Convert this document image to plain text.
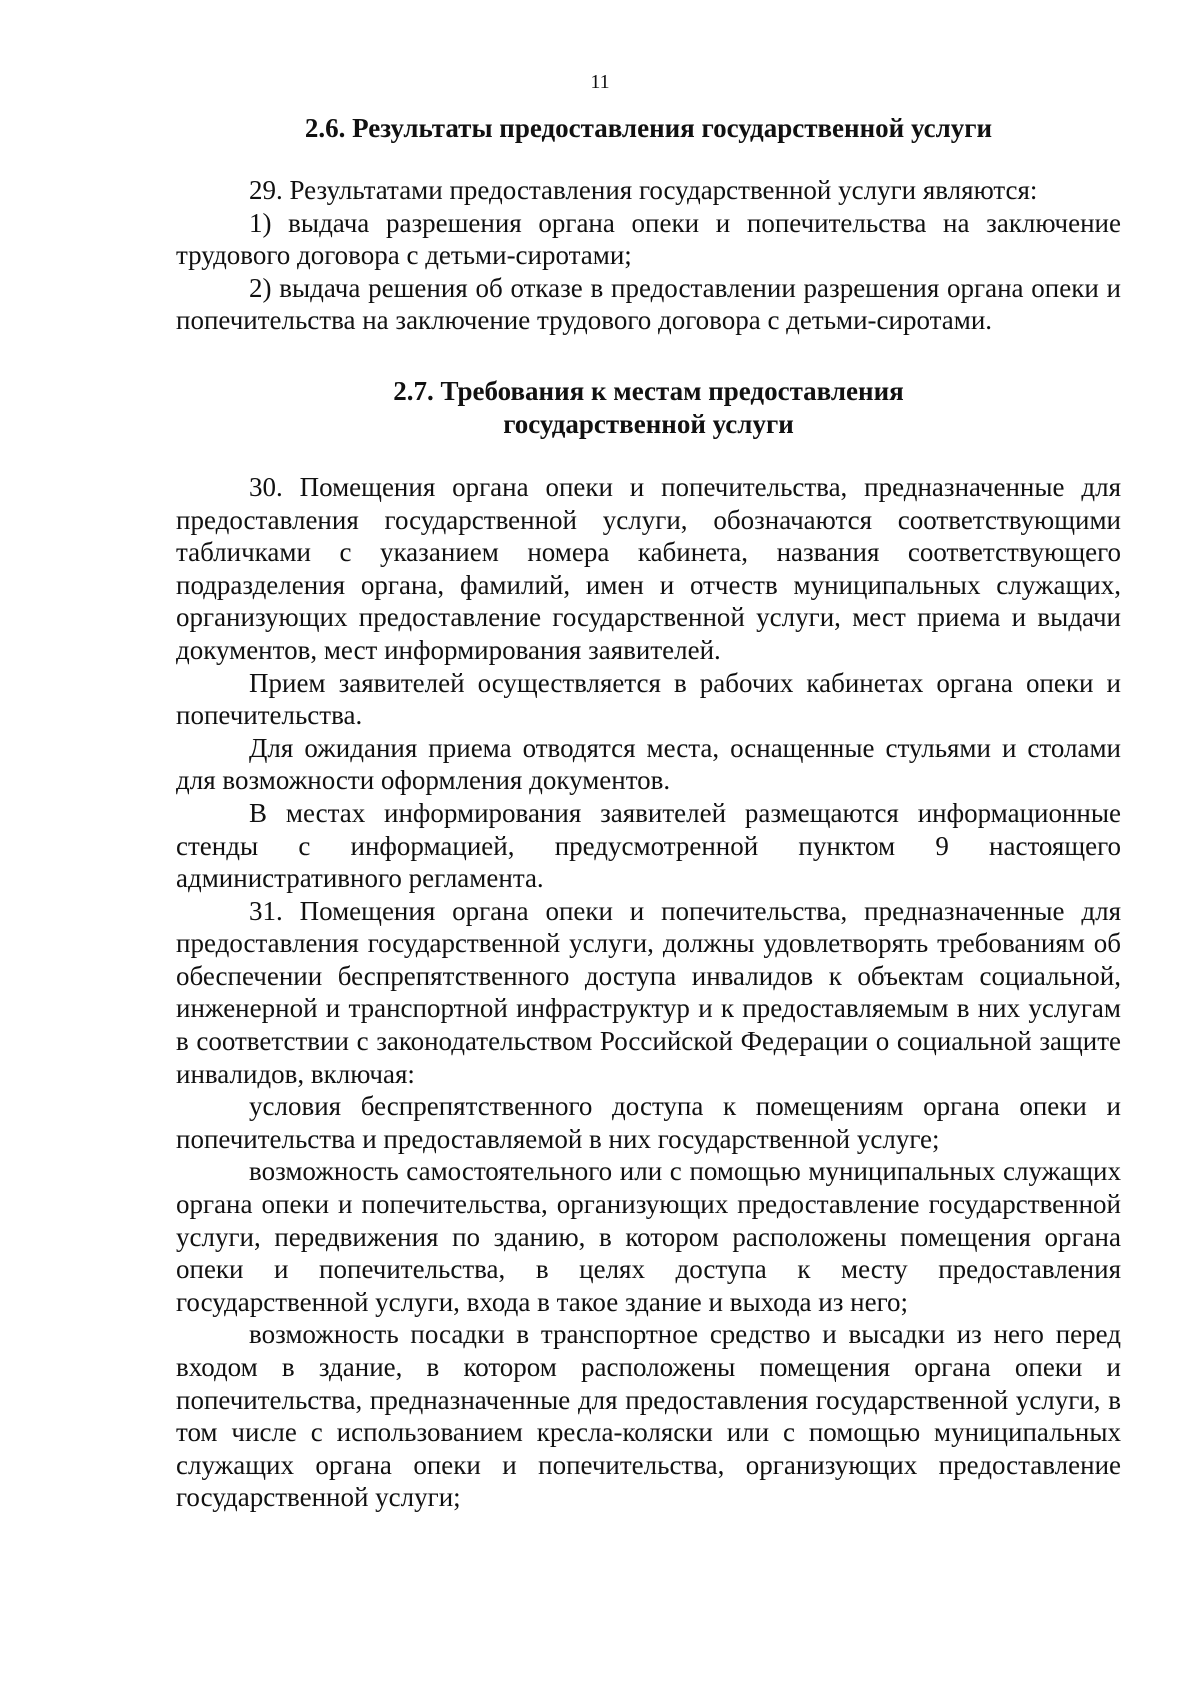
11
2.6. Результаты предоставления государственной услуги

29. Результатами предоставления государственной услуги являются:

1) выдача разрешения органа опеки и попечительства на заключение трудового договора с детьми-сиротами;

2) выдача решения об отказе в предоставлении разрешения органа опеки и попечительства на заключение трудового договора с детьми-сиротами.

2.7. Требования к местам предоставления
государственной услуги

30. Помещения органа опеки и попечительства, предназначенные для предоставления государственной услуги, обозначаются соответствующими табличками с указанием номера кабинета, названия соответствующего подразделения органа, фамилий, имен и отчеств муниципальных служащих, организующих предоставление государственной услуги, мест приема и выдачи документов, мест информирования заявителей.

Прием заявителей осуществляется в рабочих кабинетах органа опеки и попечительства.

Для ожидания приема отводятся места, оснащенные стульями и столами для возможности оформления документов.

В местах информирования заявителей размещаются информационные стенды с информацией, предусмотренной пунктом 9 настоящего административного регламента.

31. Помещения органа опеки и попечительства, предназначенные для предоставления государственной услуги, должны удовлетворять требованиям об обеспечении беспрепятственного доступа инвалидов к объектам социальной, инженерной и транспортной инфраструктур и к предоставляемым в них услугам в соответствии с законодательством Российской Федерации о социальной защите инвалидов, включая:

условия беспрепятственного доступа к помещениям органа опеки и попечительства и предоставляемой в них государственной услуге;

возможность самостоятельного или с помощью муниципальных служащих органа опеки и попечительства, организующих предоставление государственной услуги, передвижения по зданию, в котором расположены помещения органа опеки и попечительства, в целях доступа к месту предоставления государственной услуги, входа в такое здание и выхода из него;

возможность посадки в транспортное средство и высадки из него перед входом в здание, в котором расположены помещения органа опеки и попечительства, предназначенные для предоставления государственной услуги, в том числе с использованием кресла-коляски или с помощью муниципальных служащих органа опеки и попечительства, организующих предоставление государственной услуги;
